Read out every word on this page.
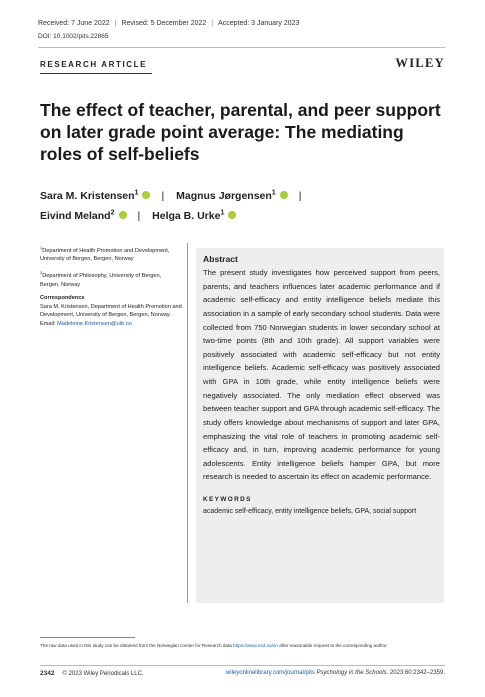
Received: 7 June 2022 | Revised: 5 December 2022 | Accepted: 3 January 2023
DOI: 10.1002/pits.22865
RESEARCH ARTICLE	WILEY
The effect of teacher, parental, and peer support on later grade point average: The mediating roles of self-beliefs
Sara M. Kristensen$^1$ | Magnus Jørgensen$^1$ |
Eivind Meland$^2$ | Helga B. Urke$^1$

$^1$Department of Health Promotion and Development, University of Bergen, Bergen, Norway

$^2$Department of Philosophy, University of Bergen, Bergen, Norway

Correspondence

Sara M. Kristensen, Department of Health Promotion and Development, University of Bergen, Bergen, Norway.
Email: Madeleine.Kristensen@uib.no

Abstract
The present study investigates how perceived support from peers, parents, and teachers influences later academic performance and if academic self-efficacy and entity intelligence beliefs mediate this association in a sample of early secondary school students. Data were collected from 750 Norwegian students in lower secondary school at two-time points (8th and 10th grade). All support variables were positively associated with academic self-efficacy but not entity intelligence beliefs. Academic self-efficacy was positively associated with GPA in 10th grade, while entity intelligence beliefs were negatively associated. The only mediation effect observed was between teacher support and GPA through academic self-efficacy. The study offers knowledge about mechanisms of support and later GPA, emphasizing the vital role of teachers in promoting academic self-efficacy and, in turn, improving academic performance for young adolescents. Entity intelligence beliefs hamper GPA, but more research is needed to ascertain its effect on academic performance.
KEYWORDS
academic self-efficacy, entity intelligence beliefs, GPA, social support
The raw data used in this study can be obtained from the Norwegian Center for Research data https://www.nsd.no/en after reasonable request to the corresponding author.
2342 © 2023 Wiley Periodicals LLC.	wileyonlinelibrary.com/journal/pits Psychology in the Schools. 2023;60:2342–2359.
